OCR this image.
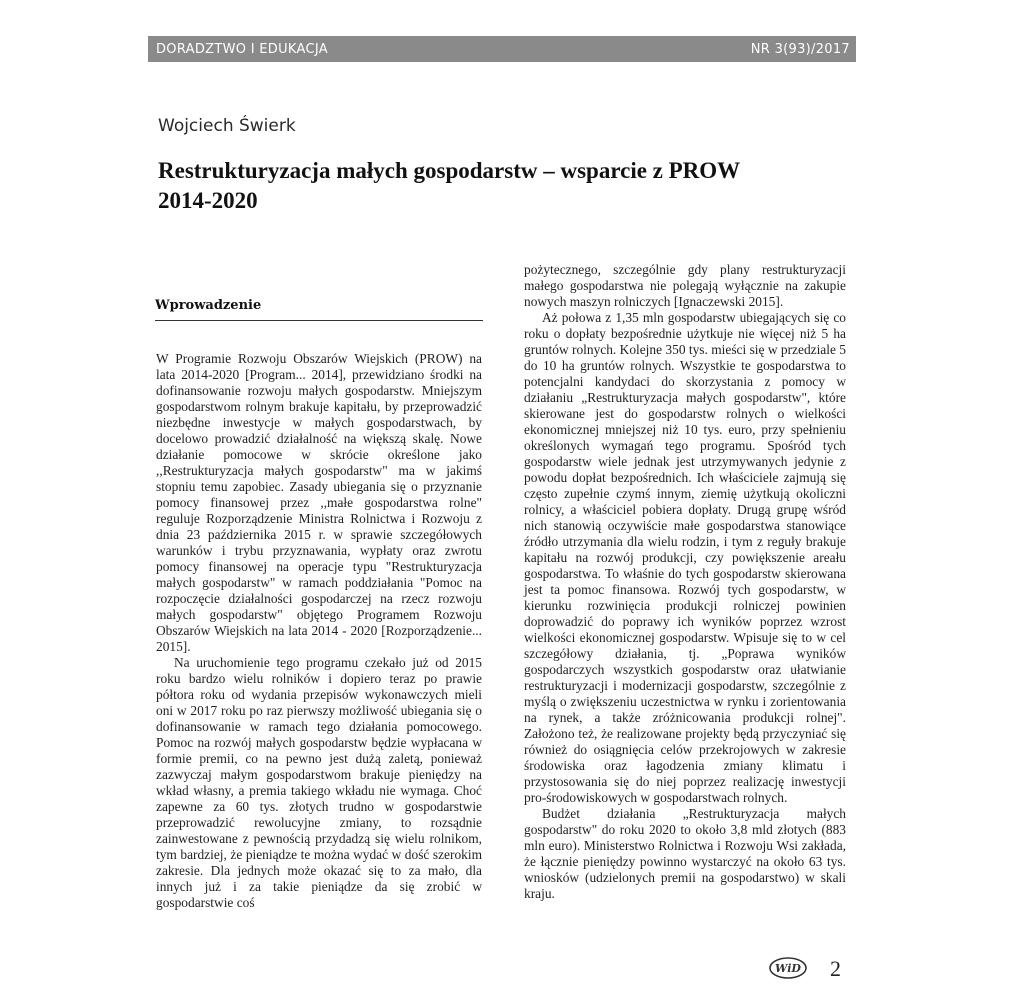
DORADZTWO I EDUKACJA	NR 3(93)/2017
Wojciech Świerk
Restrukturyzacja małych gospodarstw – wsparcie z PROW 2014-2020
Wprowadzenie

W Programie Rozwoju Obszarów Wiejskich (PROW) na lata 2014-2020 [Program... 2014], przewidziano środki na dofinansowanie rozwoju małych gospodarstw. Mniejszym gospodarstwom rolnym brakuje kapitału, by przeprowadzić niezbędne inwestycje w małych gospodarstwach, by docelowo prowadzić działalność na większą skalę. Nowe działanie pomocowe w skrócie określone jako ,,Restrukturyzacja małych gospodarstw" ma w jakimś stopniu temu zapobiec. Zasady ubiegania się o przyznanie pomocy finansowej przez ,,małe gospodarstwa rolne" reguluje Rozporządzenie Ministra Rolnictwa i Rozwoju z dnia 23 października 2015 r. w sprawie szczegółowych warunków i trybu przyznawania, wypłaty oraz zwrotu pomocy finansowej na operacje typu "Restrukturyzacja małych gospodarstw" w ramach poddziałania "Pomoc na rozpoczęcie działalności gospodarczej na rzecz rozwoju małych gospodarstw" objętego Programem Rozwoju Obszarów Wiejskich na lata 2014 - 2020 [Rozporządzenie... 2015].

Na uruchomienie tego programu czekało już od 2015 roku bardzo wielu rolników i dopiero teraz po prawie półtora roku od wydania przepisów wykonawczych mieli oni w 2017 roku po raz pierwszy możliwość ubiegania się o dofinansowanie w ramach tego działania pomocowego. Pomoc na rozwój małych gospodarstw będzie wypłacana w formie premii, co na pewno jest dużą zaletą, ponieważ zazwyczaj małym gospodarstwom brakuje pieniędzy na wkład własny, a premia takiego wkładu nie wymaga. Choć zapewne za 60 tys. złotych trudno w gospodarstwie przeprowadzić rewolucyjne zmiany, to rozsądnie zainwestowane z pewnością przydadzą się wielu rolnikom, tym bardziej, że pieniądze te można wydać w dość szerokim zakresie. Dla jednych może okazać się to za mało, dla innych już i za takie pieniądze da się zrobić w gospodarstwie coś

pożytecznego, szczególnie gdy plany restrukturyzacji małego gospodarstwa nie polegają wyłącznie na zakupie nowych maszyn rolniczych [Ignaczewski 2015].

Aż połowa z 1,35 mln gospodarstw ubiegających się co roku o dopłaty bezpośrednie użytkuje nie więcej niż 5 ha gruntów rolnych. Kolejne 350 tys. mieści się w przedziale 5 do 10 ha gruntów rolnych. Wszystkie te gospodarstwa to potencjalni kandydaci do skorzystania z pomocy w działaniu „Restrukturyzacja małych gospodarstw", które skierowane jest do gospodarstw rolnych o wielkości ekonomicznej mniejszej niż 10 tys. euro, przy spełnieniu określonych wymagań tego programu. Spośród tych gospodarstw wiele jednak jest utrzymywanych jedynie z powodu dopłat bezpośrednich. Ich właściciele zajmują się często zupełnie czymś innym, ziemię użytkują okoliczni rolnicy, a właściciel pobiera dopłaty. Drugą grupę wśród nich stanowią oczywiście małe gospodarstwa stanowiące źródło utrzymania dla wielu rodzin, i tym z reguły brakuje kapitału na rozwój produkcji, czy powiększenie areału gospodarstwa. To właśnie do tych gospodarstw skierowana jest ta pomoc finansowa. Rozwój tych gospodarstw, w kierunku rozwinięcia produkcji rolniczej powinien doprowadzić do poprawy ich wyników poprzez wzrost wielkości ekonomicznej gospodarstw. Wpisuje się to w cel szczegółowy działania, tj. „Poprawa wyników gospodarczych wszystkich gospodarstw oraz ułatwianie restrukturyzacji i modernizacji gospodarstw, szczególnie z myślą o zwiększeniu uczestnictwa w rynku i zorientowania na rynek, a także zróżnicowania produkcji rolnej". Założono też, że realizowane projekty będą przyczyniać się również do osiągnięcia celów przekrojowych w zakresie środowiska oraz łagodzenia zmiany klimatu i przystosowania się do niej poprzez realizację inwestycji pro-środowiskowych w gospodarstwach rolnych.

Budżet działania „Restrukturyzacja małych gospodarstw" do roku 2020 to około 3,8 mld złotych (883 mln euro). Ministerstwo Rolnictwa i Rozwoju Wsi zakłada, że łącznie pieniędzy powinno wystarczyć na około 63 tys. wniosków (udzielonych premii na gospodarstwo) w skali kraju.

WiD 2
